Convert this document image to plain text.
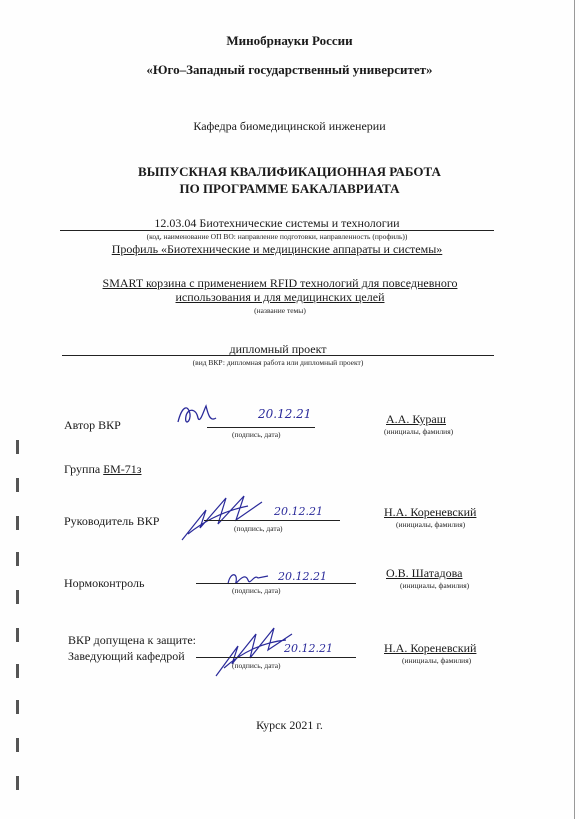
Минобрнауки России
«Юго–Западный государственный университет»
Кафедра биомедицинской инженерии
ВЫПУСКНАЯ КВАЛИФИКАЦИОННАЯ РАБОТА
ПО ПРОГРАММЕ БАКАЛАВРИАТА
12.03.04 Биотехнические системы и технологии
(код, наименование ОП ВО: направление подготовки, направленность (профиль))
Профиль «Биотехнические и медицинские аппараты и системы»
SMART корзина с применением RFID технологий для повседневного
использования и для медицинских целей
(название темы)
дипломный проект
(вид ВКР: дипломная работа или дипломный проект)
Автор ВКР
20.12.21
(подпись, дата)
А.А. Кураш
(инициалы, фамилия)
Группа БМ-71з
Руководитель ВКР
20.12.21
(подпись, дата)
Н.А. Кореневский
(инициалы, фамилия)
Нормоконтроль	20.12.21
(подпись, дата)
О.В. Шатадова
(инициалы, фамилия)
ВКР допущена к защите:
Заведующий кафедрой
20.12.21
(подпись, дата)
Н.А. Кореневский
(инициалы, фамилия)
Курск 2021 г.
